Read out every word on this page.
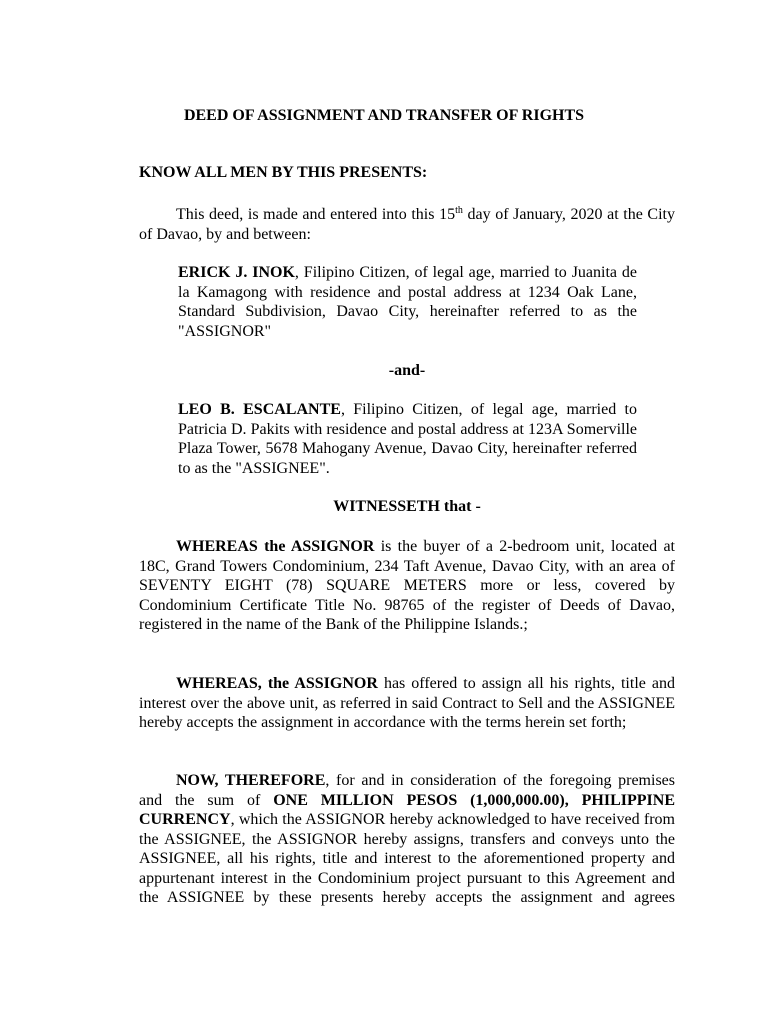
DEED OF ASSIGNMENT AND TRANSFER OF RIGHTS
KNOW ALL MEN BY THIS PRESENTS:
This deed, is made and entered into this 15th day of January, 2020 at the City of Davao, by and between:
ERICK J. INOK, Filipino Citizen, of legal age, married to Juanita de la Kamagong with residence and postal address at 1234 Oak Lane, Standard Subdivision, Davao City, hereinafter referred to as the "ASSIGNOR"
-and-
LEO B. ESCALANTE, Filipino Citizen, of legal age, married to Patricia D. Pakits with residence and postal address at 123A Somerville Plaza Tower, 5678 Mahogany Avenue, Davao City, hereinafter referred to as the "ASSIGNEE".
WITNESSETH that -
WHEREAS the ASSIGNOR is the buyer of a 2-bedroom unit, located at 18C, Grand Towers Condominium, 234 Taft Avenue, Davao City, with an area of SEVENTY EIGHT (78) SQUARE METERS more or less, covered by Condominium Certificate Title No. 98765 of the register of Deeds of Davao, registered in the name of the Bank of the Philippine Islands.;
WHEREAS, the ASSIGNOR has offered to assign all his rights, title and interest over the above unit, as referred in said Contract to Sell and the ASSIGNEE hereby accepts the assignment in accordance with the terms herein set forth;
NOW, THEREFORE, for and in consideration of the foregoing premises and the sum of ONE MILLION PESOS (1,000,000.00), PHILIPPINE CURRENCY, which the ASSIGNOR hereby acknowledged to have received from the ASSIGNEE, the ASSIGNOR hereby assigns, transfers and conveys unto the ASSIGNEE, all his rights, title and interest to the aforementioned property and appurtenant interest in the Condominium project pursuant to this Agreement and the ASSIGNEE by these presents hereby accepts the assignment and agrees
